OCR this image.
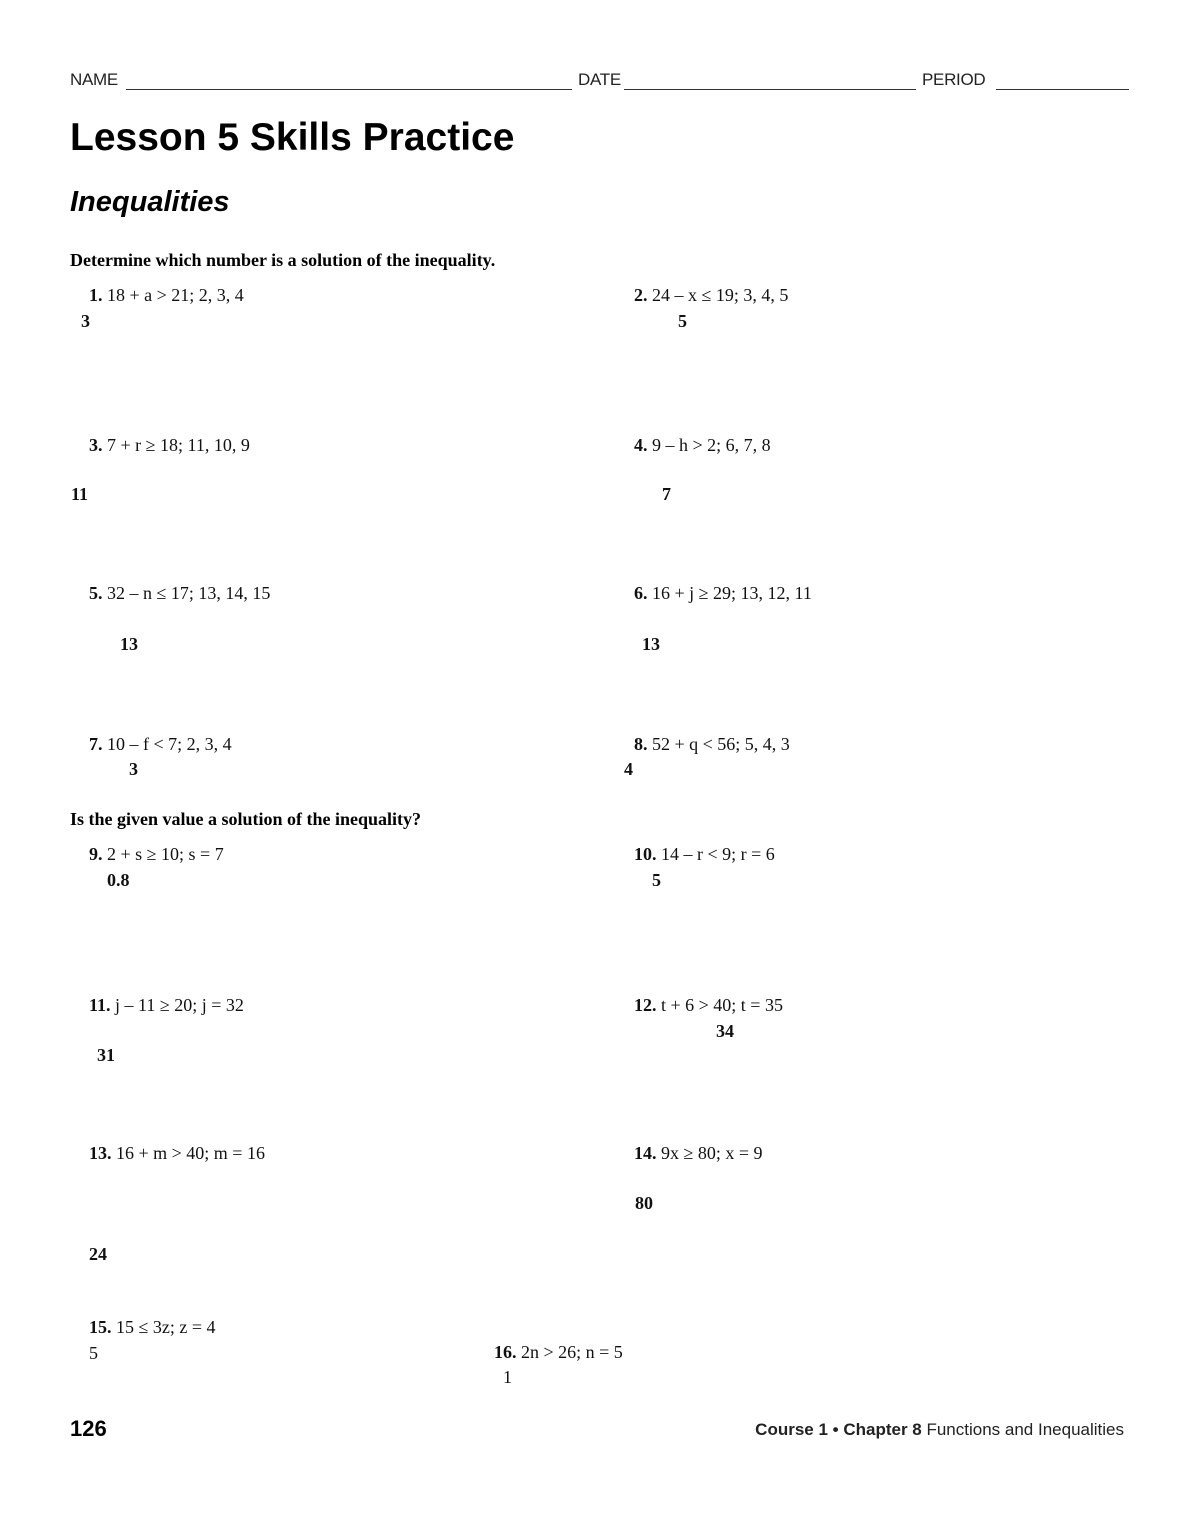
NAME	DATE	PERIOD
Lesson 5 Skills Practice
Inequalities
Determine which number is a solution of the inequality.
1. 18 + a > 21; 2, 3, 4
3
2. 24 – x ≤ 19; 3, 4, 5
5
3. 7 + r ≥ 18; 11, 10, 9
11
4. 9 – h > 2; 6, 7, 8
7
5. 32 – n ≤ 17; 13, 14, 15
13
6. 16 + j ≥ 29; 13, 12, 11
13
7. 10 – f < 7; 2, 3, 4
3
8. 52 + q < 56; 5, 4, 3
4
Is the given value a solution of the inequality?
9. 2 + s ≥ 10; s = 7
0.8
10. 14 – r < 9; r = 6
5
11. j – 11 ≥ 20; j = 32
31
12. t + 6 > 40; t = 35
34
13. 16 + m > 40; m = 16
24
14. 9x ≥ 80; x = 9
80
15. 15 ≤ 3z; z = 4
5	16. 2n > 26; n = 5
1
126	Course 1 • Chapter 8 Functions and Inequalities
